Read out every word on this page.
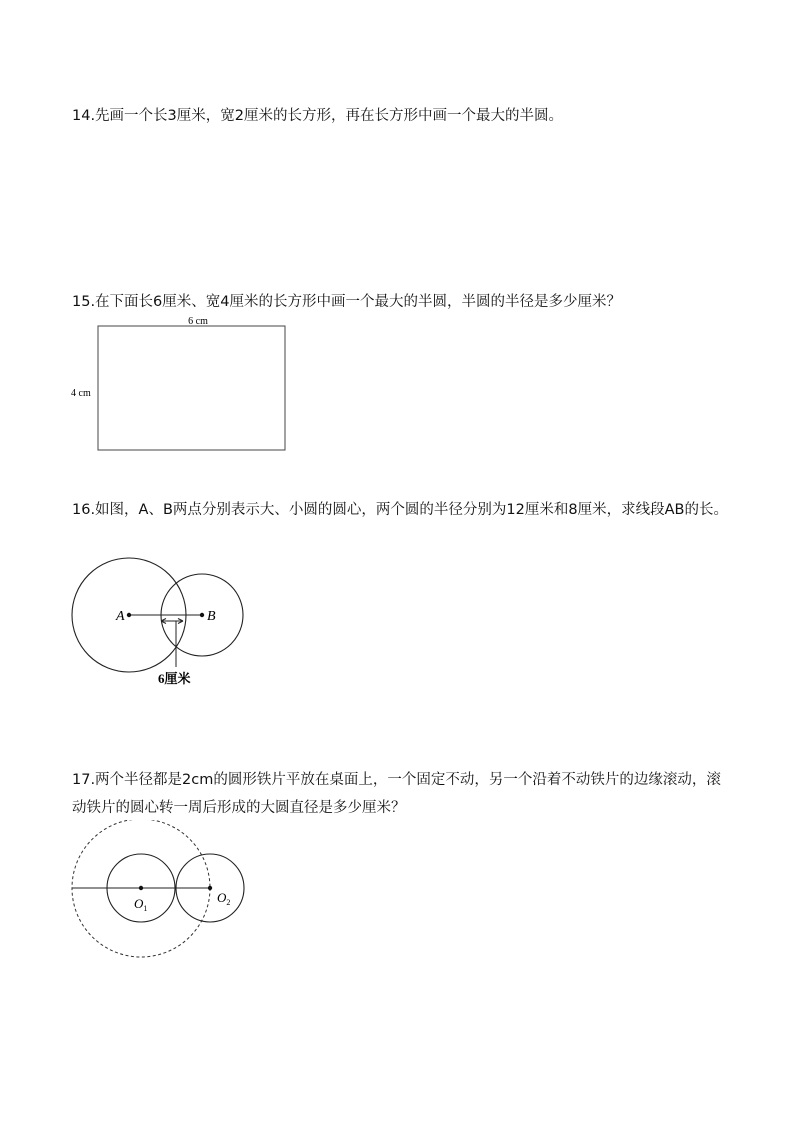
14.先画一个长3厘米，宽2厘米的长方形，再在长方形中画一个最大的半圆。
15.在下面长6厘米、宽4厘米的长方形中画一个最大的半圆，半圆的半径是多少厘米？
6 cm
4 cm
16.如图，A、B两点分别表示大、小圆的圆心，两个圆的半径分别为12厘米和8厘米，求线段AB的长。
A	B
6厘米
17.两个半径都是2cm的圆形铁片平放在桌面上，一个固定不动，另一个沿着不动铁片的边缘滚动，滚动铁片的圆心转一周后形成的大圆直径是多少厘米？
$O_1$
$O_2$
